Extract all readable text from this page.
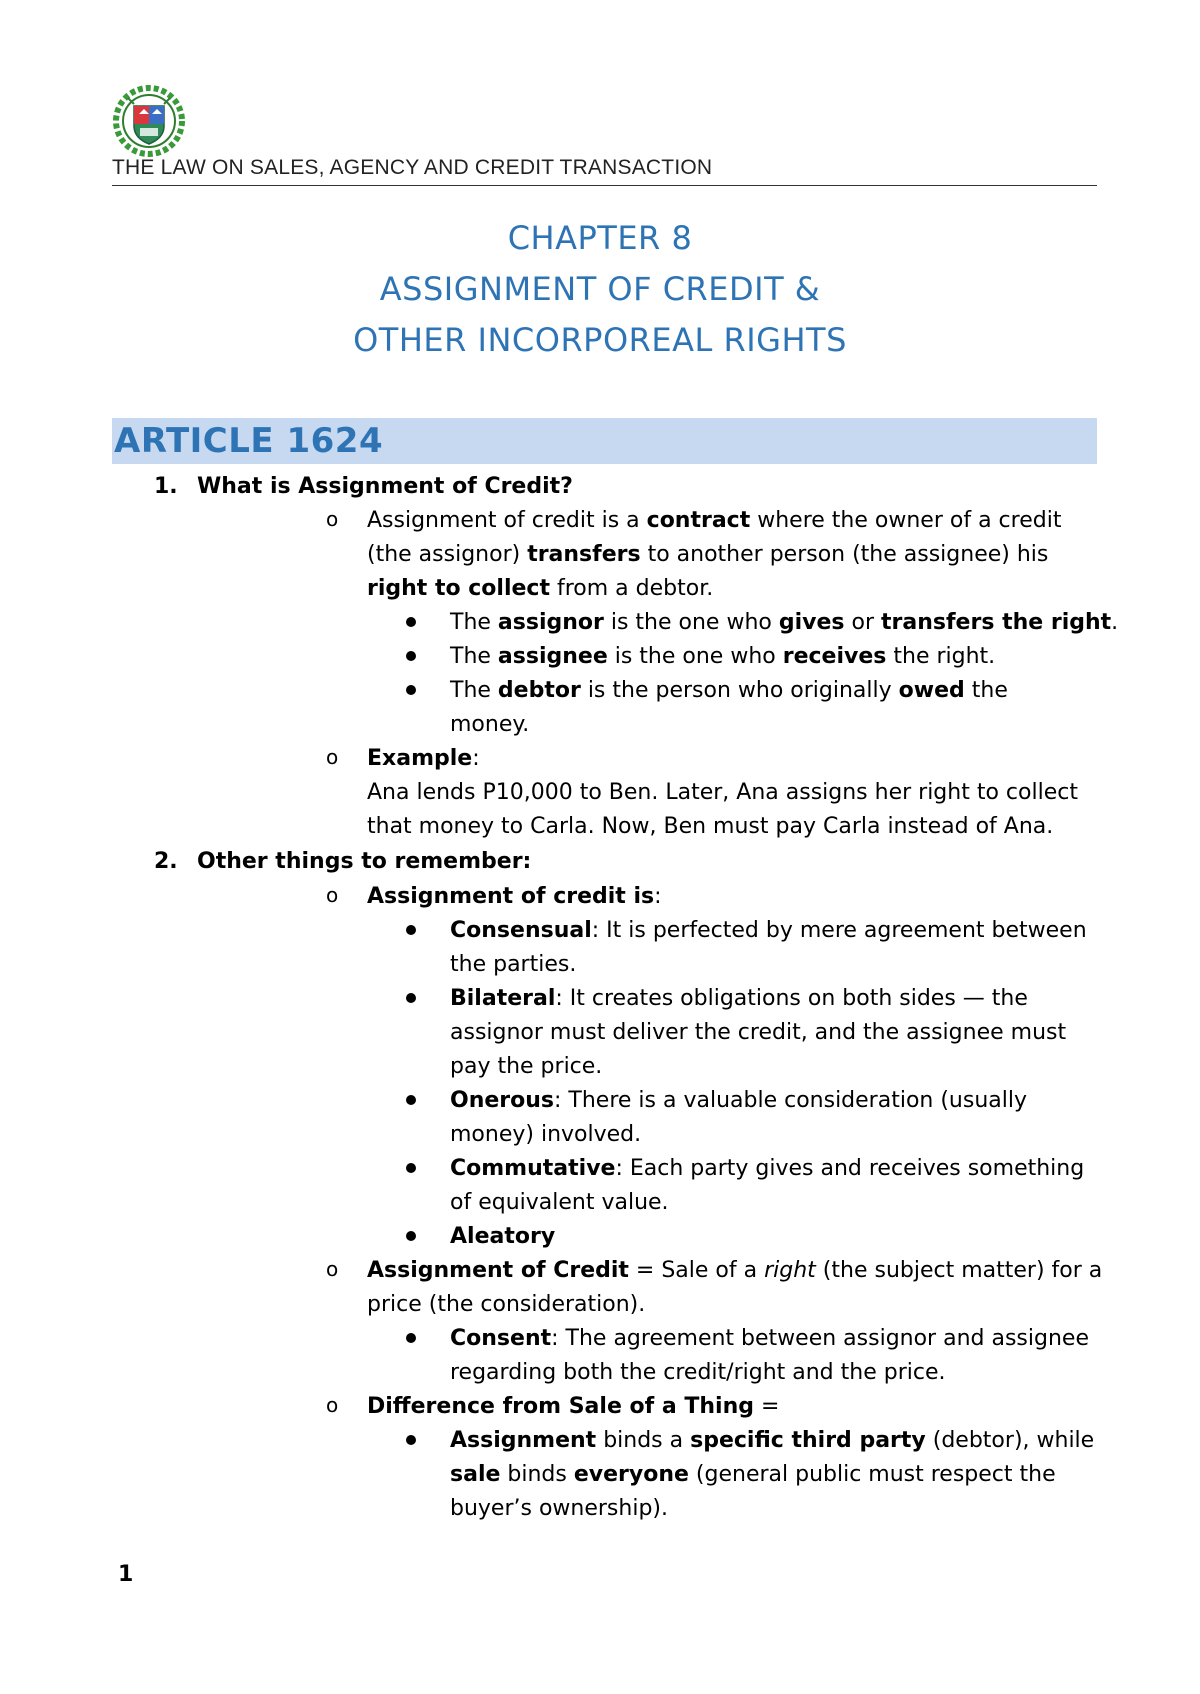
THE LAW ON SALES, AGENCY AND CREDIT TRANSACTION
CHAPTER 8
ASSIGNMENT OF CREDIT &
OTHER INCORPOREAL RIGHTS
ARTICLE 1624
1. What is Assignment of Credit?
o Assignment of credit is a contract where the owner of a credit
(the assignor) transfers to another person (the assignee) his
right to collect from a debtor.
The assignor is the one who gives or transfers the right.
The assignee is the one who receives the right.
The debtor is the person who originally owed the
money.
o Example:
Ana lends P10,000 to Ben. Later, Ana assigns her right to collect
that money to Carla. Now, Ben must pay Carla instead of Ana.
2. Other things to remember:
o Assignment of credit is:
Consensual: It is perfected by mere agreement between
the parties.
Bilateral: It creates obligations on both sides — the
assignor must deliver the credit, and the assignee must
pay the price.
Onerous: There is a valuable consideration (usually
money) involved.
Commutative: Each party gives and receives something
of equivalent value.
Aleatory
o Assignment of Credit = Sale of a right (the subject matter) for a
price (the consideration).
Consent: The agreement between assignor and assignee
regarding both the credit/right and the price.
o Difference from Sale of a Thing =
Assignment binds a specific third party (debtor), while
sale binds everyone (general public must respect the
buyer’s ownership).
1
